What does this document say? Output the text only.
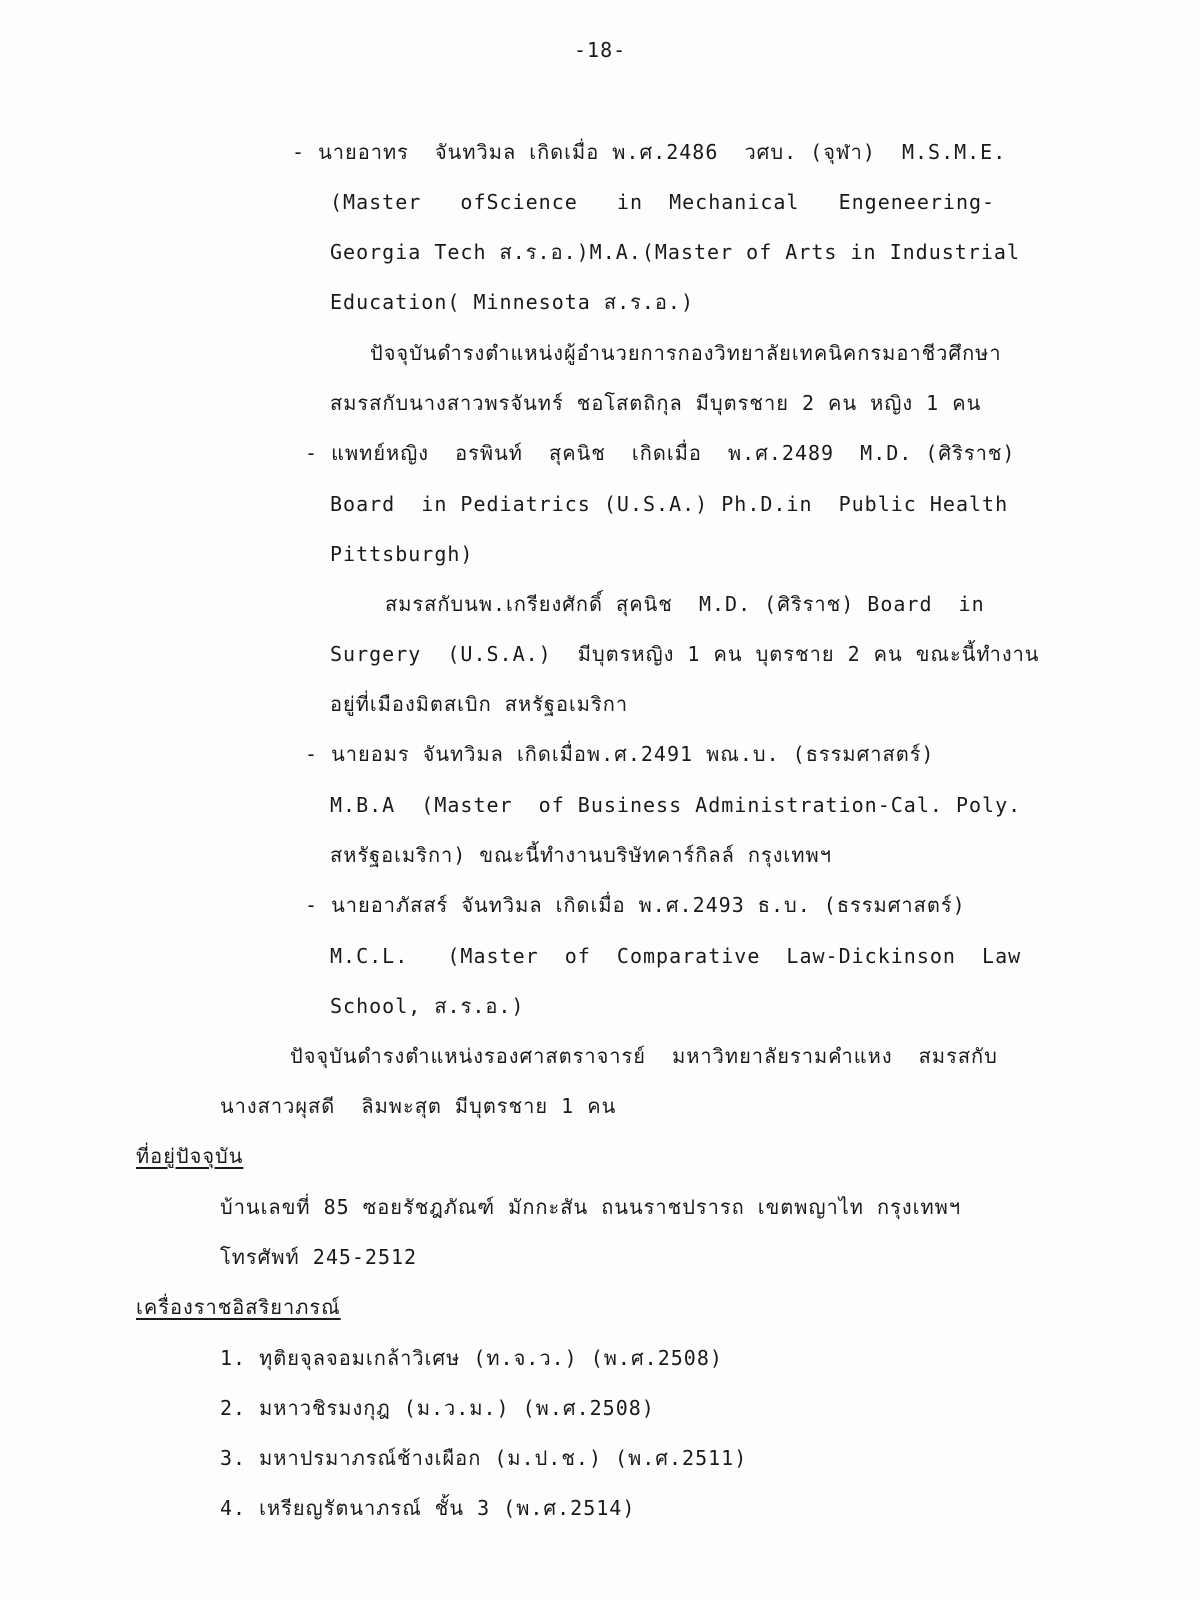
-18-
- นายอาทร  จันทวิมล เกิดเมื่อ พ.ศ.2486  วศบ. (จุฬา)  M.S.M.E.
(Master   ofScience   in  Mechanical   Engeneering-
Georgia Tech ส.ร.อ.)M.A.(Master of Arts in Industrial
Education( Minnesota ส.ร.อ.)
ปัจจุบันดำรงตำแหน่งผู้อำนวยการกองวิทยาลัยเทคนิคกรมอาชีวศึกษา
สมรสกับนางสาวพรจันทร์ ชอโสตถิกุล มีบุตรชาย 2 คน หญิง 1 คน
- แพทย์หญิง  อรพินท์  สุคนิช  เกิดเมื่อ  พ.ศ.2489  M.D. (ศิริราช)
Board  in Pediatrics (U.S.A.) Ph.D.in  Public Health
Pittsburgh)
สมรสกับนพ.เกรียงศักดิ์ สุคนิช  M.D. (ศิริราช) Board  in
Surgery  (U.S.A.)  มีบุตรหญิง 1 คน บุตรชาย 2 คน ขณะนี้ทำงาน
อยู่ที่เมืองมิตสเบิก สหรัฐอเมริกา
- นายอมร จันทวิมล เกิดเมื่อพ.ศ.2491 พณ.บ. (ธรรมศาสตร์)
M.B.A  (Master  of Business Administration-Cal. Poly.
สหรัฐอเมริกา) ขณะนี้ทำงานบริษัทคาร์กิลล์ กรุงเทพฯ
- นายอาภัสสร์ จันทวิมล เกิดเมื่อ พ.ศ.2493 ธ.บ. (ธรรมศาสตร์)
M.C.L.   (Master  of  Comparative  Law-Dickinson  Law
School, ส.ร.อ.)
ปัจจุบันดำรงตำแหน่งรองศาสตราจารย์  มหาวิทยาลัยรามคำแหง  สมรสกับ
นางสาวผุสดี  ลิมพะสุต มีบุตรชาย 1 คน
ที่อยู่ปัจจุบัน
บ้านเลขที่ 85 ซอยรัชฎภัณฑ์ มักกะสัน ถนนราชปรารถ เขตพญาไท กรุงเทพฯ
โทรศัพท์ 245-2512
เครื่องราชอิสริยาภรณ์
1. ทุติยจุลจอมเกล้าวิเศษ (ท.จ.ว.) (พ.ศ.2508)
2. มหาวชิรมงกุฎ (ม.ว.ม.) (พ.ศ.2508)
3. มหาปรมาภรณ์ช้างเผือก (ม.ป.ช.) (พ.ศ.2511)
4. เหรียญรัตนาภรณ์ ชั้น 3 (พ.ศ.2514)
